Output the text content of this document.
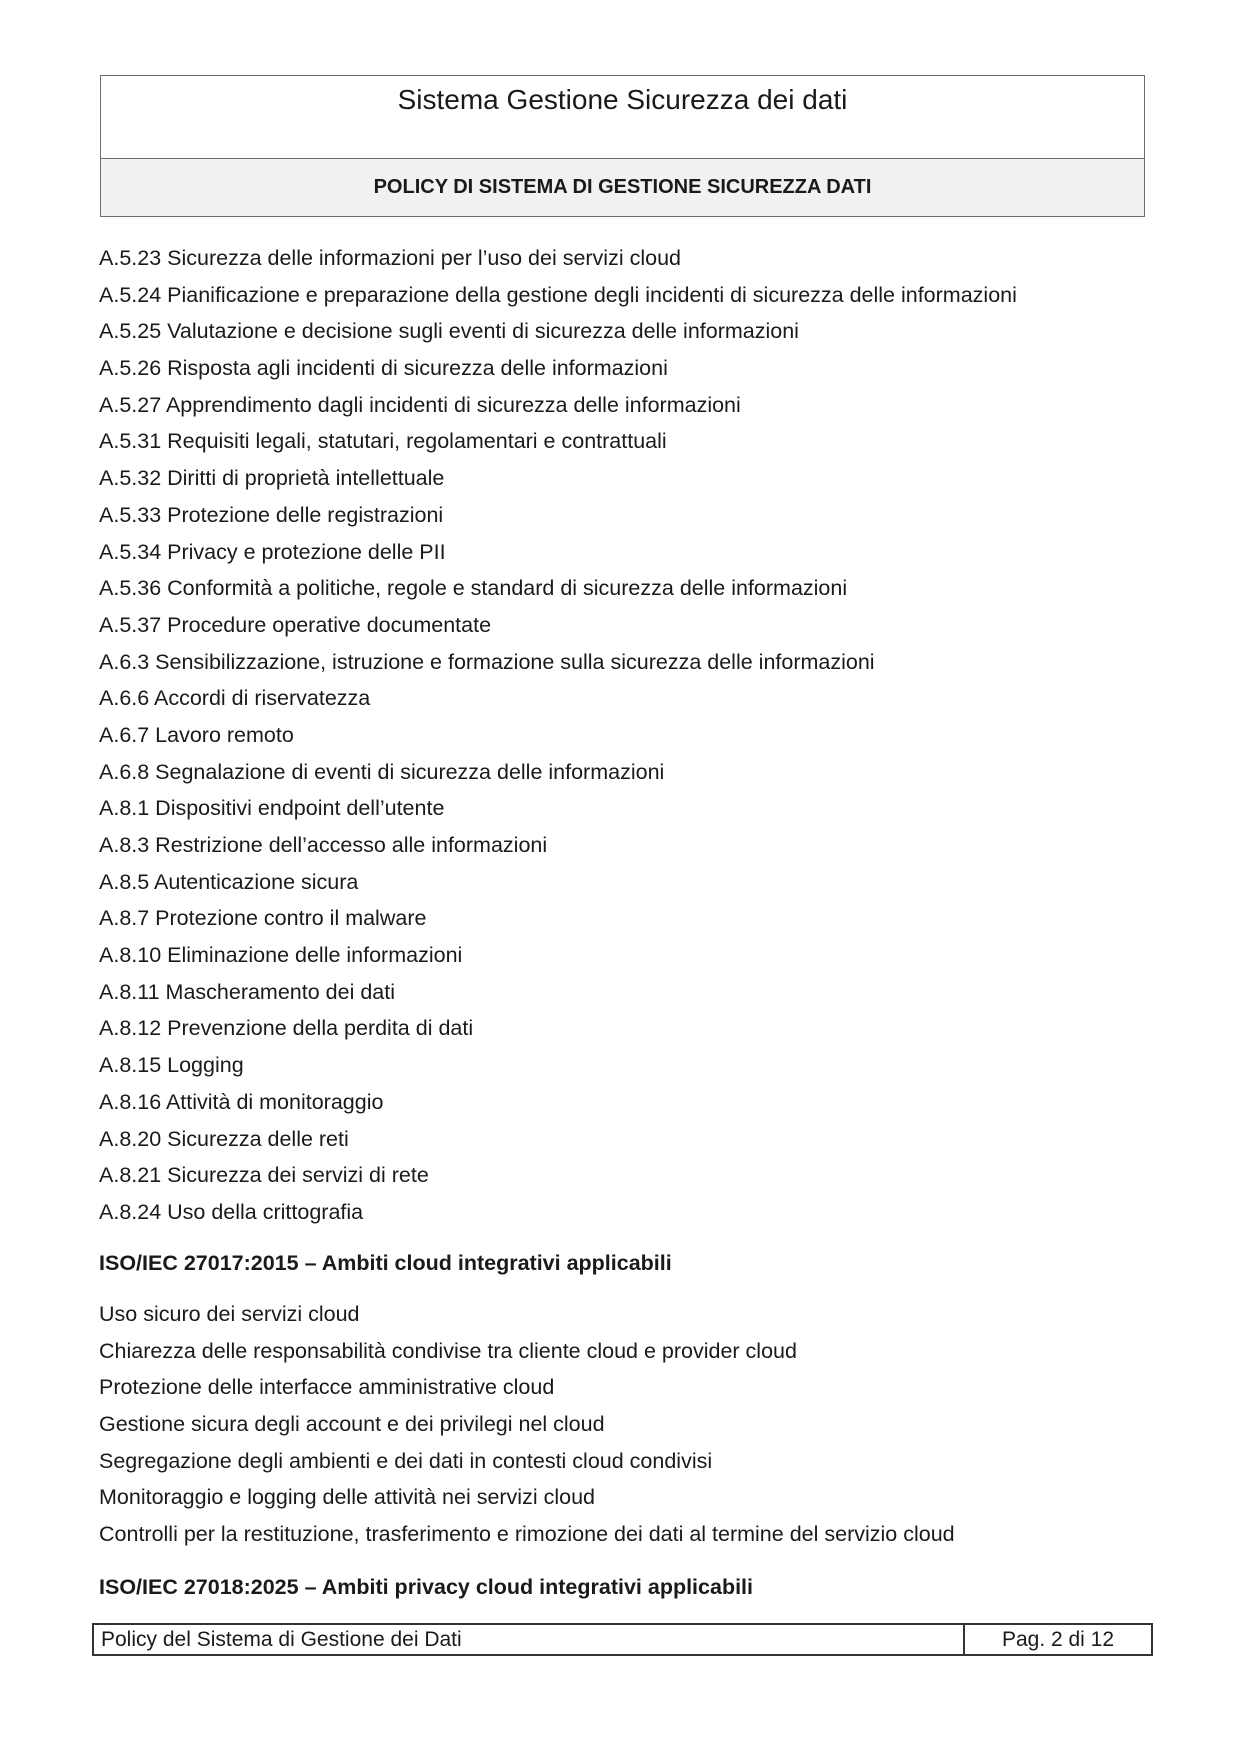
Sistema Gestione Sicurezza dei dati
POLICY DI SISTEMA DI GESTIONE SICUREZZA DATI
A.5.23 Sicurezza delle informazioni per l’uso dei servizi cloud
A.5.24 Pianificazione e preparazione della gestione degli incidenti di sicurezza delle informazioni
A.5.25 Valutazione e decisione sugli eventi di sicurezza delle informazioni
A.5.26 Risposta agli incidenti di sicurezza delle informazioni
A.5.27 Apprendimento dagli incidenti di sicurezza delle informazioni
A.5.31 Requisiti legali, statutari, regolamentari e contrattuali
A.5.32 Diritti di proprietà intellettuale
A.5.33 Protezione delle registrazioni
A.5.34 Privacy e protezione delle PII
A.5.36 Conformità a politiche, regole e standard di sicurezza delle informazioni
A.5.37 Procedure operative documentate
A.6.3 Sensibilizzazione, istruzione e formazione sulla sicurezza delle informazioni
A.6.6 Accordi di riservatezza
A.6.7 Lavoro remoto
A.6.8 Segnalazione di eventi di sicurezza delle informazioni
A.8.1 Dispositivi endpoint dell’utente
A.8.3 Restrizione dell’accesso alle informazioni
A.8.5 Autenticazione sicura
A.8.7 Protezione contro il malware
A.8.10 Eliminazione delle informazioni
A.8.11 Mascheramento dei dati
A.8.12 Prevenzione della perdita di dati
A.8.15 Logging
A.8.16 Attività di monitoraggio
A.8.20 Sicurezza delle reti
A.8.21 Sicurezza dei servizi di rete
A.8.24 Uso della crittografia
ISO/IEC 27017:2015 – Ambiti cloud integrativi applicabili
Uso sicuro dei servizi cloud
Chiarezza delle responsabilità condivise tra cliente cloud e provider cloud
Protezione delle interfacce amministrative cloud
Gestione sicura degli account e dei privilegi nel cloud
Segregazione degli ambienti e dei dati in contesti cloud condivisi
Monitoraggio e logging delle attività nei servizi cloud
Controlli per la restituzione, trasferimento e rimozione dei dati al termine del servizio cloud
ISO/IEC 27018:2025 – Ambiti privacy cloud integrativi applicabili
Policy del Sistema di Gestione dei Dati	Pag. 2 di 12
